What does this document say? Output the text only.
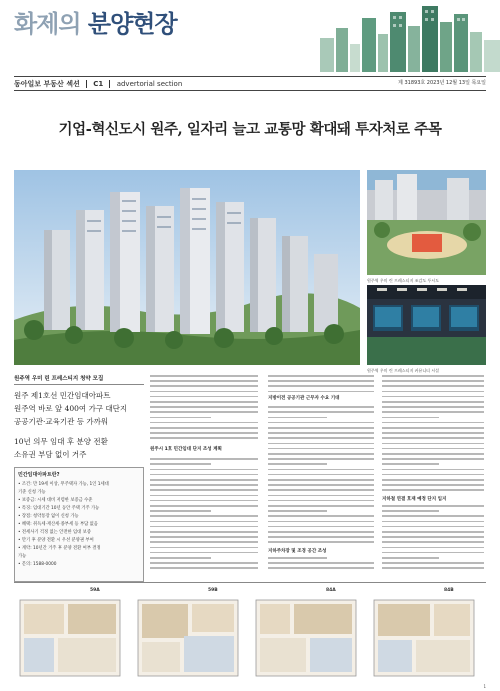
화제의 분양현장
동아일보 부동산 섹션 C1 advertorial section	제 31893호 2023년 12월 13일 목요일
기업-혁신도시 원주, 일자리 늘고 교통망 확대돼 투자처로 주목
원주역 우미 린 프레스티지 조감도 투시도
원주역 우미 린 프레스티지 커뮤니티 시설
원주역 우미 린 프레스티지 청약 모집
원주 제1호선 민간임대아파트
원주역 바로 앞 400여 가구 대단지
공공기관·교육기관 등 가까워
10년 의무 임대 후 분양 전환
소유권 부담 없이 거주
민간임대아파트란?
• 조건: 만 19세 이상, 무주택자 가능, 1인 1세대
기준 신청 가능
• 보증금: 시세 대비 저렴한 보증금 수준
• 특징: 임대기간 10년 동안 주택 거주 가능
• 장점: 청약통장 없이 신청 가능
• 혜택: 취득세·재산세·종부세 등 부담 없음
• 전세사기 걱정 없는 안전한 임대 보증
• 만기 후 분양 전환 시 우선 분양권 부여
• 계약: 10년간 거주 후 분양 전환 여부 결정
가능
• 문의: 1588-0000
원주시 1호 민간임대 단지 조성 계획
지방이전 공공기관 근무자 수요 기대
지하주차장 및 조경 공간 조성
지하철 연결 호재 예정 단지 입지
59A	59B	84A	84B
1
